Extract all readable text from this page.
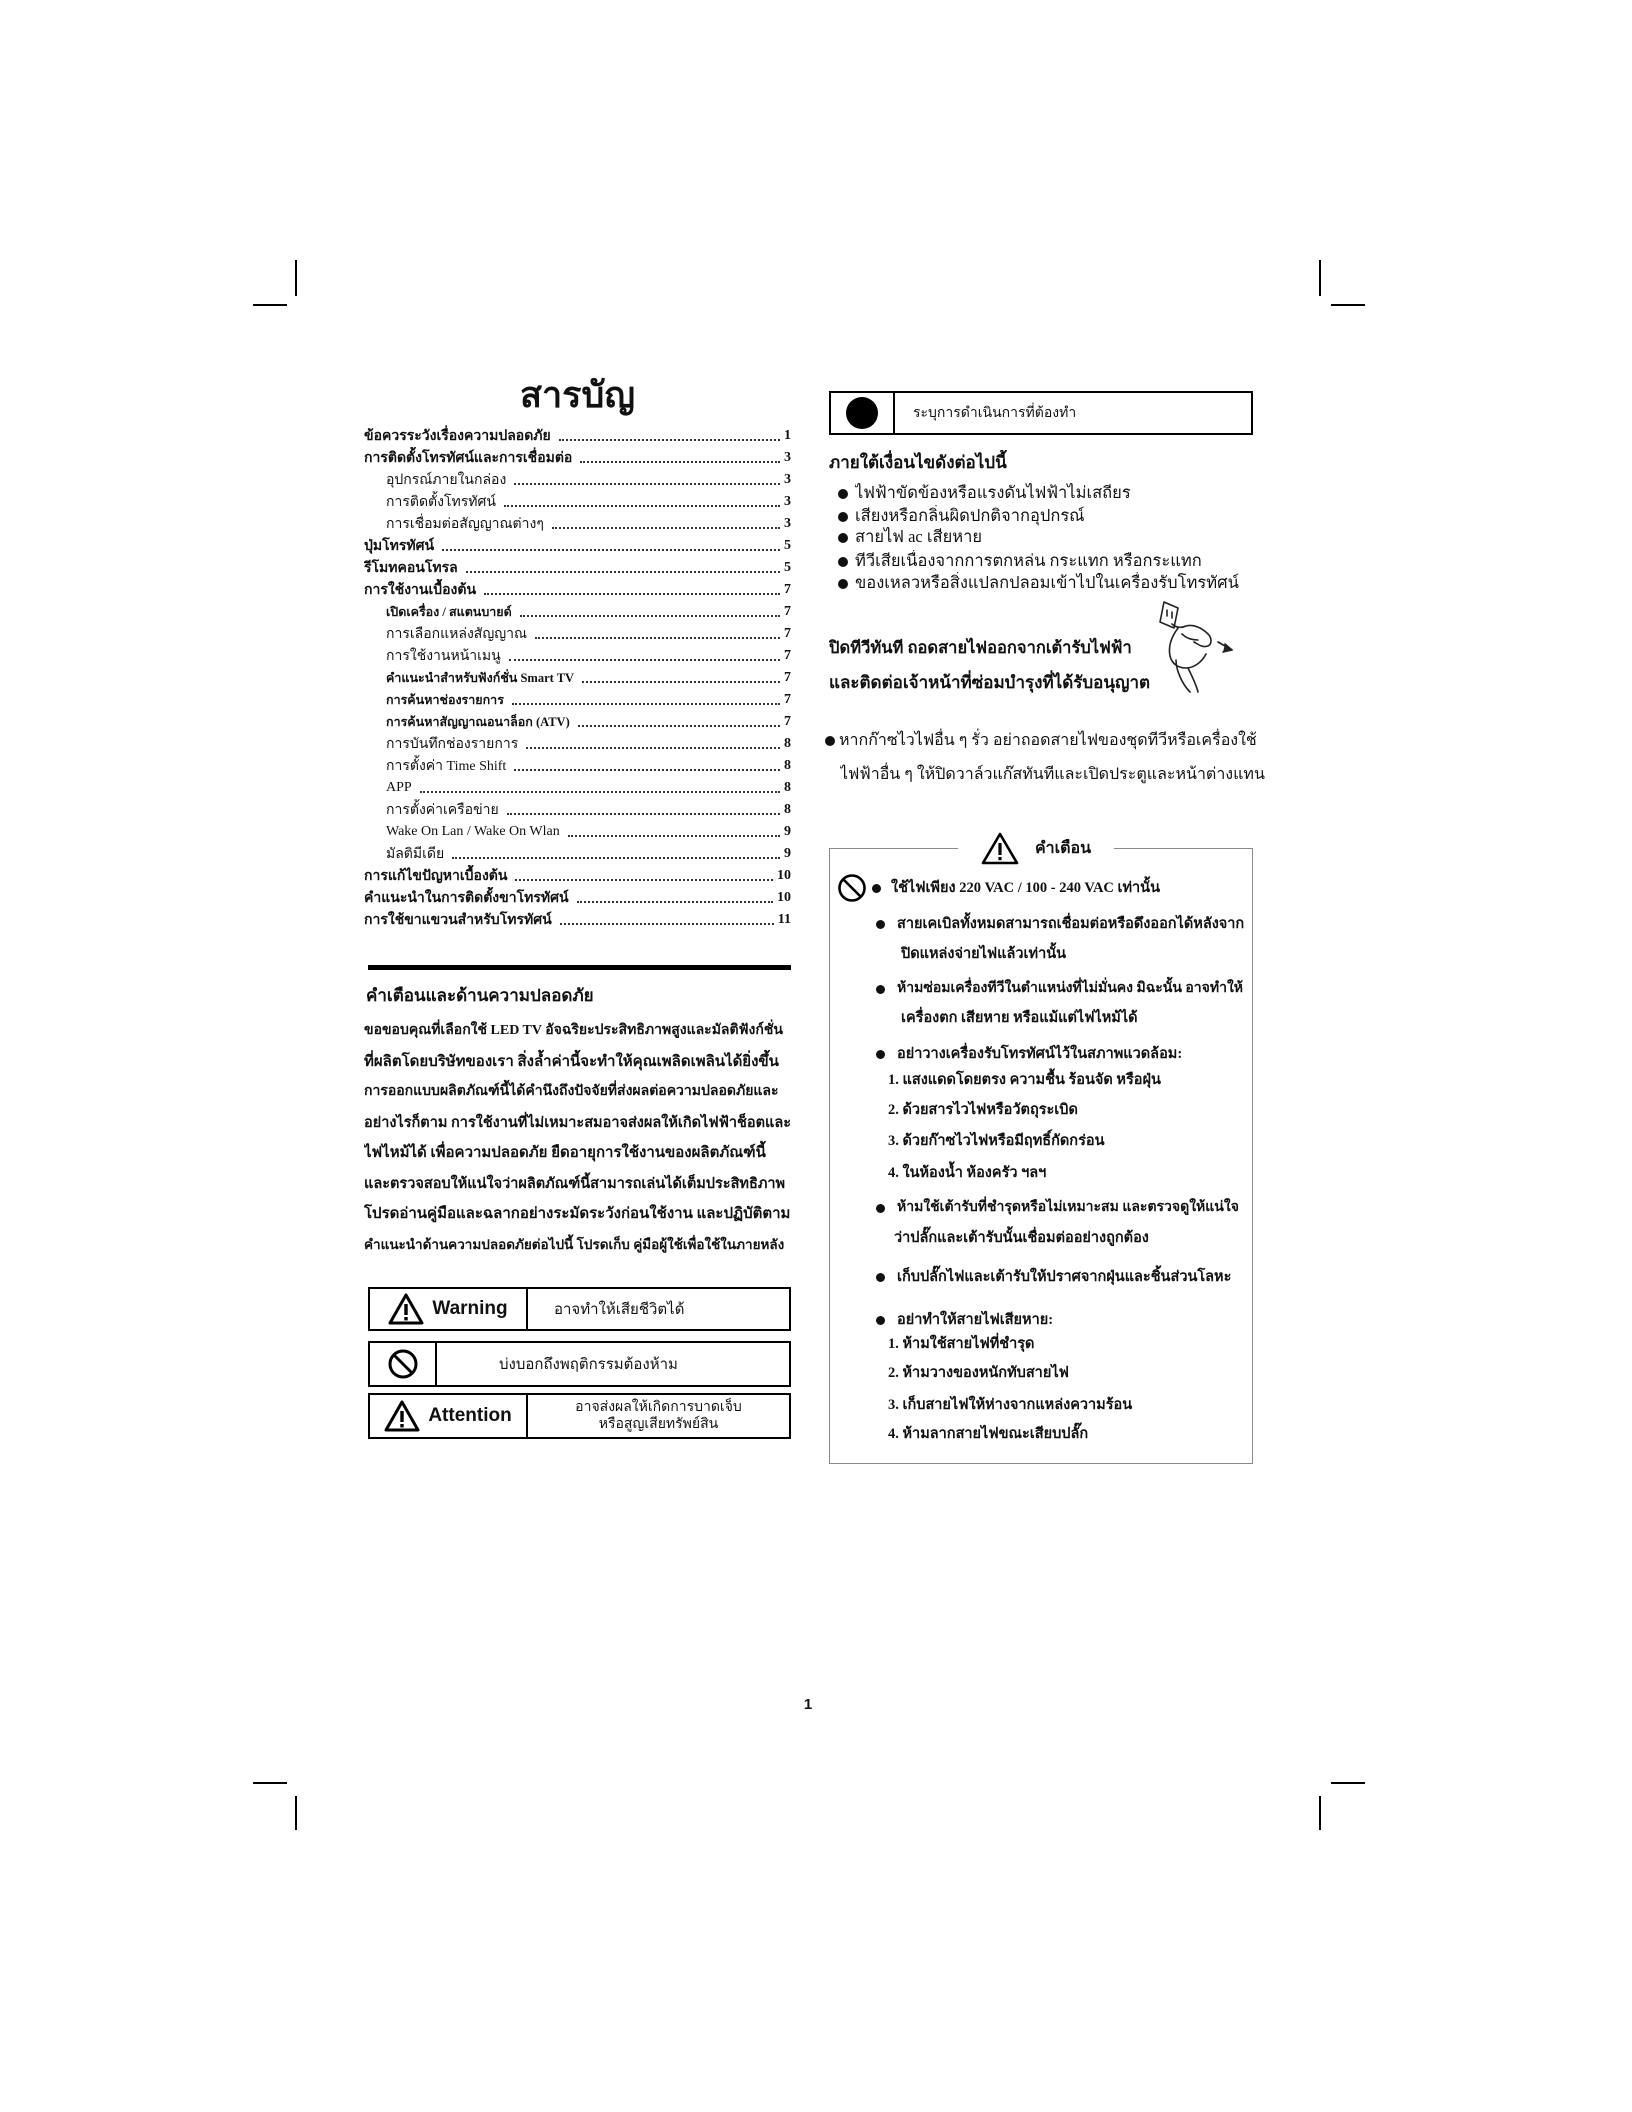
สารบัญ
ข้อควรระวังเรื่องความปลอดภัย	1
การติดตั้งโทรทัศน์และการเชื่อมต่อ	3
อุปกรณ์ภายในกล่อง	3
การติดตั้งโทรทัศน์	3
การเชื่อมต่อสัญญาณต่างๆ	3
ปุ่มโทรทัศน์	5
รีโมทคอนโทรล	5
การใช้งานเบื้องต้น	7
เปิดเครื่อง / สแตนบายด์	7
การเลือกแหล่งสัญญาณ	7
การใช้งานหน้าเมนู	7
คำแนะนำสำหรับฟังก์ชั่น Smart TV	7
การค้นหาช่องรายการ	7
การค้นหาสัญญาณอนาล็อก (ATV)	7
การบันทึกช่องรายการ	8
การตั้งค่า Time Shift	8
APP	8
การตั้งค่าเครือข่าย	8
Wake On Lan / Wake On Wlan	9
มัลติมีเดีย	9
การแก้ไขปัญหาเบื้องต้น	10
คำแนะนำในการติดตั้งขาโทรทัศน์	10
การใช้ขาแขวนสำหรับโทรทัศน์	11
คำเตือนและด้านความปลอดภัย
ขอขอบคุณที่เลือกใช้ LED TV อัจฉริยะประสิทธิภาพสูงและมัลติฟังก์ชั่น
ที่ผลิตโดยบริษัทของเรา สิ่งล้ำค่านี้จะทำให้คุณเพลิดเพลินได้ยิ่งขึ้น
การออกแบบผลิตภัณฑ์นี้ได้คำนึงถึงปัจจัยที่ส่งผลต่อความปลอดภัยและ
อย่างไรก็ตาม การใช้งานที่ไม่เหมาะสมอาจส่งผลให้เกิดไฟฟ้าช็อตและ
ไฟไหม้ได้ เพื่อความปลอดภัย ยืดอายุการใช้งานของผลิตภัณฑ์นี้
และตรวจสอบให้แน่ใจว่าผลิตภัณฑ์นี้สามารถเล่นได้เต็มประสิทธิภาพ
โปรดอ่านคู่มือและฉลากอย่างระมัดระวังก่อนใช้งาน และปฏิบัติตาม
คำแนะนำด้านความปลอดภัยต่อไปนี้ โปรดเก็บ คู่มือผู้ใช้เพื่อใช้ในภายหลัง
Warning	อาจทำให้เสียชีวิตได้
บ่งบอกถึงพฤติกรรมต้องห้าม
Attention	อาจส่งผลให้เกิดการบาดเจ็บ
หรือสูญเสียทรัพย์สิน
ระบุการดำเนินการที่ต้องทำ
ภายใต้เงื่อนไขดังต่อไปนี้
ไฟฟ้าขัดข้องหรือแรงดันไฟฟ้าไม่เสถียร
เสียงหรือกลิ่นผิดปกติจากอุปกรณ์
สายไฟ ac เสียหาย
ทีวีเสียเนื่องจากการตกหล่น กระแทก หรือกระแทก
ของเหลวหรือสิ่งแปลกปลอมเข้าไปในเครื่องรับโทรทัศน์
ปิดทีวีทันที ถอดสายไฟออกจากเต้ารับไฟฟ้า
และติดต่อเจ้าหน้าที่ซ่อมบำรุงที่ได้รับอนุญาต
หากก๊าซไวไฟอื่น ๆ รั่ว อย่าถอดสายไฟของชุดทีวีหรือเครื่องใช้
ไฟฟ้าอื่น ๆ ให้ปิดวาล์วแก๊สทันทีและเปิดประตูและหน้าต่างแทน
คำเตือน
ใช้ไฟเพียง 220 VAC / 100 - 240 VAC เท่านั้น
สายเคเบิลทั้งหมดสามารถเชื่อมต่อหรือดึงออกได้หลังจาก
ปิดแหล่งจ่ายไฟแล้วเท่านั้น
ห้ามซ่อมเครื่องทีวีในตำแหน่งที่ไม่มั่นคง มิฉะนั้น อาจทำให้
เครื่องตก เสียหาย หรือแม้แต่ไฟไหม้ได้
อย่าวางเครื่องรับโทรทัศน์ไว้ในสภาพแวดล้อม:
1. แสงแดดโดยตรง ความชื้น ร้อนจัด หรือฝุ่น
2. ด้วยสารไวไฟหรือวัตถุระเบิด
3. ด้วยก๊าซไวไฟหรือมีฤทธิ์กัดกร่อน
4. ในห้องน้ำ ห้องครัว ฯลฯ
ห้ามใช้เต้ารับที่ชำรุดหรือไม่เหมาะสม และตรวจดูให้แน่ใจ
ว่าปลั๊กและเต้ารับนั้นเชื่อมต่ออย่างถูกต้อง
เก็บปลั๊กไฟและเต้ารับให้ปราศจากฝุ่นและชิ้นส่วนโลหะ
อย่าทำให้สายไฟเสียหาย:
1. ห้ามใช้สายไฟที่ชำรุด
2. ห้ามวางของหนักทับสายไฟ
3. เก็บสายไฟให้ห่างจากแหล่งความร้อน
4. ห้ามลากสายไฟขณะเสียบปลั๊ก
1
